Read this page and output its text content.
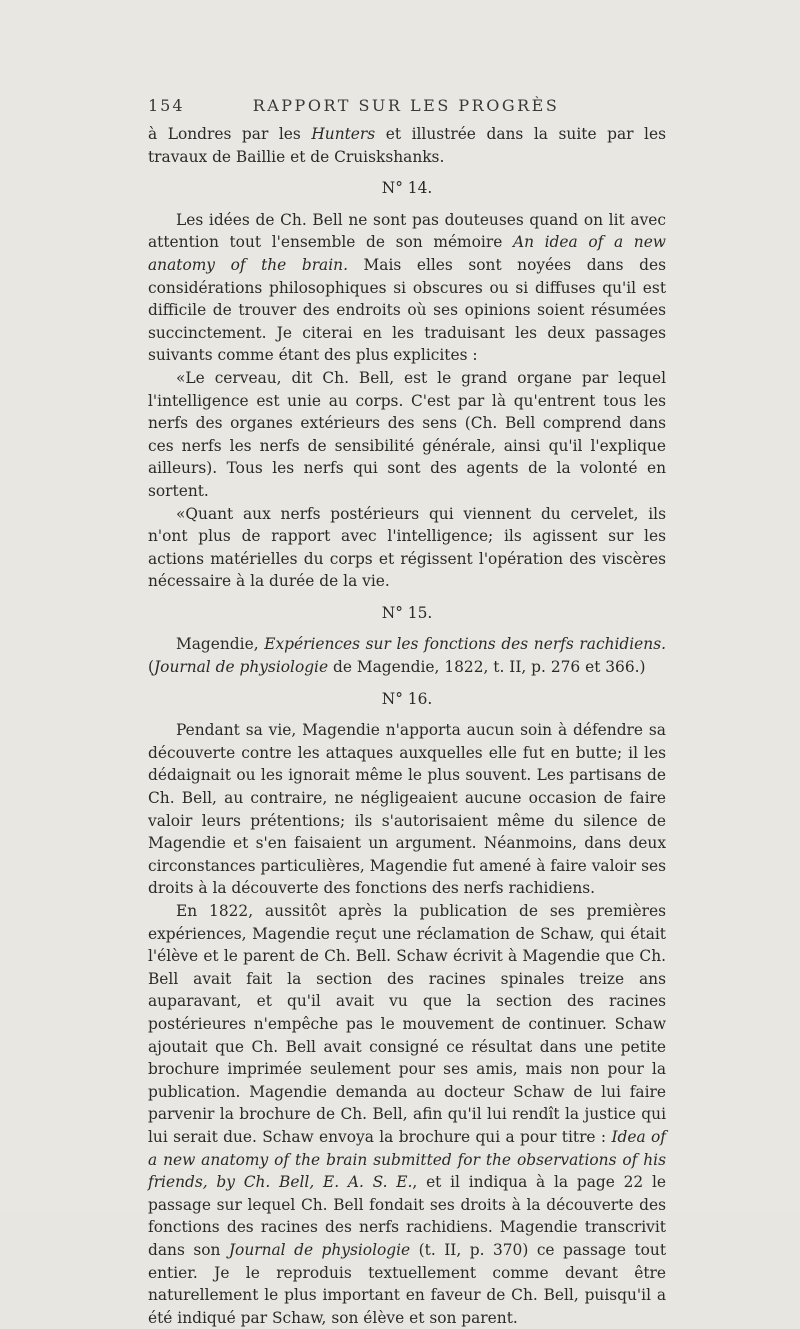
154	RAPPORT SUR LES PROGRÈS

à Londres par les Hunters et illustrée dans la suite par les travaux de Baillie et de Cruiskshanks.

N° 14.

Les idées de Ch. Bell ne sont pas douteuses quand on lit avec attention tout l'ensemble de son mémoire An idea of a new anatomy of the brain. Mais elles sont noyées dans des considérations philosophiques si obscures ou si diffuses qu'il est difficile de trouver des endroits où ses opinions soient résumées succinctement. Je citerai en les traduisant les deux passages suivants comme étant des plus explicites :

«Le cerveau, dit Ch. Bell, est le grand organe par lequel l'intelligence est unie au corps. C'est par là qu'entrent tous les nerfs des organes extérieurs des sens (Ch. Bell comprend dans ces nerfs les nerfs de sensibilité générale, ainsi qu'il l'explique ailleurs). Tous les nerfs qui sont des agents de la volonté en sortent.

«Quant aux nerfs postérieurs qui viennent du cervelet, ils n'ont plus de rapport avec l'intelligence; ils agissent sur les actions matérielles du corps et régissent l'opération des viscères nécessaire à la durée de la vie.

N° 15.

Magendie, Expériences sur les fonctions des nerfs rachidiens. (Journal de physiologie de Magendie, 1822, t. II, p. 276 et 366.)

N° 16.

Pendant sa vie, Magendie n'apporta aucun soin à défendre sa découverte contre les attaques auxquelles elle fut en butte; il les dédaignait ou les ignorait même le plus souvent. Les partisans de Ch. Bell, au contraire, ne négligeaient aucune occasion de faire valoir leurs prétentions; ils s'autorisaient même du silence de Magendie et s'en faisaient un argument. Néanmoins, dans deux circonstances particulières, Magendie fut amené à faire valoir ses droits à la découverte des fonctions des nerfs rachidiens.

En 1822, aussitôt après la publication de ses premières expériences, Magendie reçut une réclamation de Schaw, qui était l'élève et le parent de Ch. Bell. Schaw écrivit à Magendie que Ch. Bell avait fait la section des racines spinales treize ans auparavant, et qu'il avait vu que la section des racines postérieures n'empêche pas le mouvement de continuer. Schaw ajoutait que Ch. Bell avait consigné ce résultat dans une petite brochure imprimée seulement pour ses amis, mais non pour la publication. Magendie demanda au docteur Schaw de lui faire parvenir la brochure de Ch. Bell, afin qu'il lui rendît la justice qui lui serait due. Schaw envoya la brochure qui a pour titre : Idea of a new anatomy of the brain submitted for the observations of his friends, by Ch. Bell, E. A. S. E., et il indiqua à la page 22 le passage sur lequel Ch. Bell fondait ses droits à la découverte des fonctions des racines des nerfs rachidiens. Magendie transcrivit dans son Journal de physiologie (t. II, p. 370) ce passage tout entier. Je le reproduis textuellement comme devant être naturellement le plus important en faveur de Ch. Bell, puisqu'il a été indiqué par Schaw, son élève et son parent.
